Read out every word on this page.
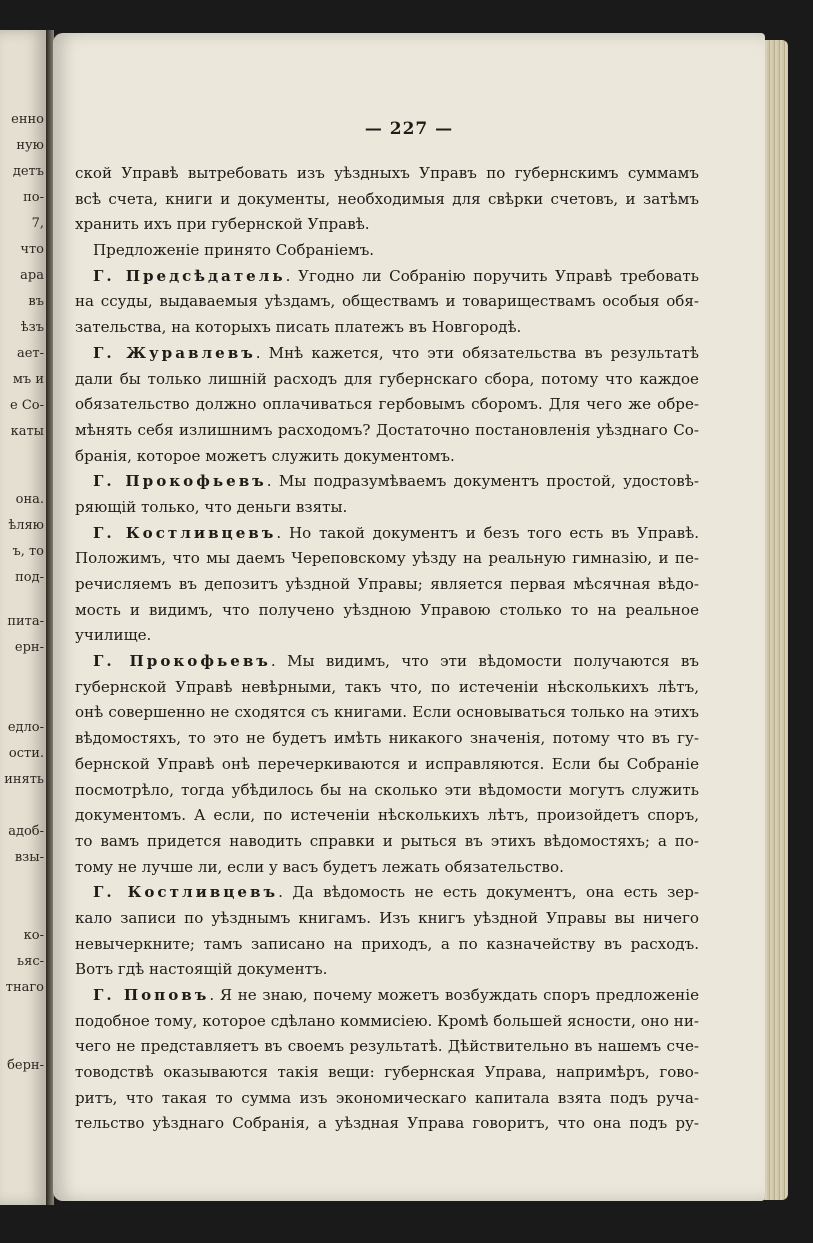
енно
ную
детъ
по-
7,
что
ара
въ
ѣзъ
ает-
мъ и
е Со-
каты
она.
ѣляю
ъ, то
под-
пита-
ерн-
едло-
ости.
инять
адоб-
взы-
ко-
ьяс-
тнаго
берн-
— 227 —
ской Управѣ вытребовать изъ уѣздныхъ Управъ по губернскимъ суммамъ
всѣ счета, книги и документы, необходимыя для свѣрки счетовъ, и затѣмъ
хранить ихъ при губернской Управѣ.
Предложеніе принято Собраніемъ.
Г. Предсѣдатель. Угодно ли Собранію поручить Управѣ требовать
на ссуды, выдаваемыя уѣздамъ, обществамъ и товариществамъ особыя обя-
зательства, на которыхъ писать платежъ въ Новгородѣ.
Г. Журавлевъ. Мнѣ кажется, что эти обязательства въ результатѣ
дали бы только лишній расходъ для губернскаго сбора, потому что каждое
обязательство должно оплачиваться гербовымъ сборомъ. Для чего же обре-
мѣнять себя излишнимъ расходомъ? Достаточно постановленія уѣзднаго Со-
бранія, которое можетъ служить документомъ.
Г. Прокофьевъ. Мы подразумѣваемъ документъ простой, удостовѣ-
ряющій только, что деньги взяты.
Г. Костливцевъ. Но такой документъ и безъ того есть въ Управѣ.
Положимъ, что мы даемъ Череповскому уѣзду на реальную гимназію, и пе-
речисляемъ въ депозитъ уѣздной Управы; является первая мѣсячная вѣдо-
мость и видимъ, что получено уѣздною Управою столько то на реальное
училище.
Г. Прокофьевъ. Мы видимъ, что эти вѣдомости получаются въ
губернской Управѣ невѣрными, такъ что, по истеченіи нѣсколькихъ лѣтъ,
онѣ совершенно не сходятся съ книгами. Если основываться только на этихъ
вѣдомостяхъ, то это не будетъ имѣть никакого значенія, потому что въ гу-
бернской Управѣ онѣ перечеркиваются и исправляются. Если бы Собраніе
посмотрѣло, тогда убѣдилось бы на сколько эти вѣдомости могутъ служить
документомъ. А если, по истеченіи нѣсколькихъ лѣтъ, произойдетъ споръ,
то вамъ придется наводить справки и рыться въ этихъ вѣдомостяхъ; а по-
тому не лучше ли, если у васъ будетъ лежать обязательство.
Г. Костливцевъ. Да вѣдомость не есть документъ, она есть зер-
кало записи по уѣзднымъ книгамъ. Изъ книгъ уѣздной Управы вы ничего
невычеркните; тамъ записано на приходъ, а по казначейству въ расходъ.
Вотъ гдѣ настоящій документъ.
Г. Поповъ. Я не знаю, почему можетъ возбуждать споръ предложеніе
подобное тому, которое сдѣлано коммисіею. Кромѣ большей ясности, оно ни-
чего не представляетъ въ своемъ результатѣ. Дѣйствительно въ нашемъ сче-
товодствѣ оказываются такія вещи: губернская Управа, напримѣръ, гово-
ритъ, что такая то сумма изъ экономическаго капитала взята подъ руча-
тельство уѣзднаго Собранія, а уѣздная Управа говоритъ, что она подъ ру-
